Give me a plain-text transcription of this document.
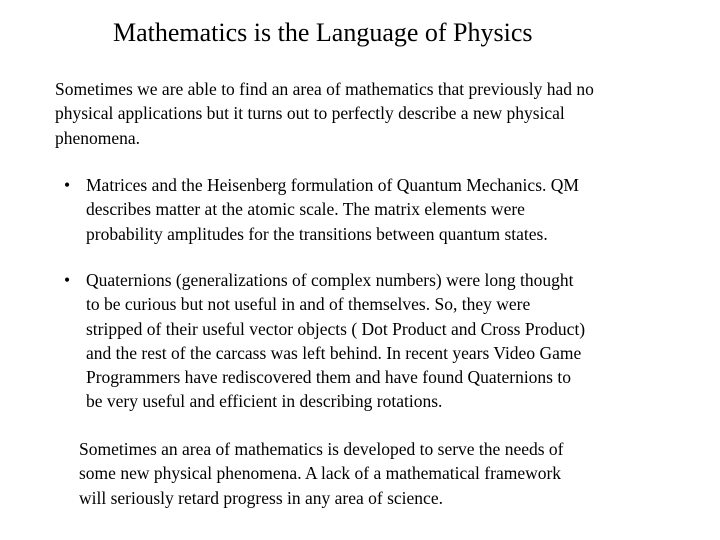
Mathematics is the Language of Physics
Sometimes we are able to find an area of mathematics that previously had no
physical applications but it turns out to perfectly describe a new physical
phenomena.
• Matrices and the Heisenberg formulation of Quantum Mechanics. QM
describes matter at the atomic scale. The matrix elements were
probability amplitudes for the transitions between quantum states.
• Quaternions (generalizations of complex numbers) were long thought
to be curious but not useful in and of themselves. So, they were
stripped of their useful vector objects ( Dot Product and Cross Product)
and the rest of the carcass was left behind. In recent years Video Game
Programmers have rediscovered them and have found Quaternions to
be very useful and efficient in describing rotations.
Sometimes an area of mathematics is developed to serve the needs of
some new physical phenomena. A lack of a mathematical framework
will seriously retard progress in any area of science.
